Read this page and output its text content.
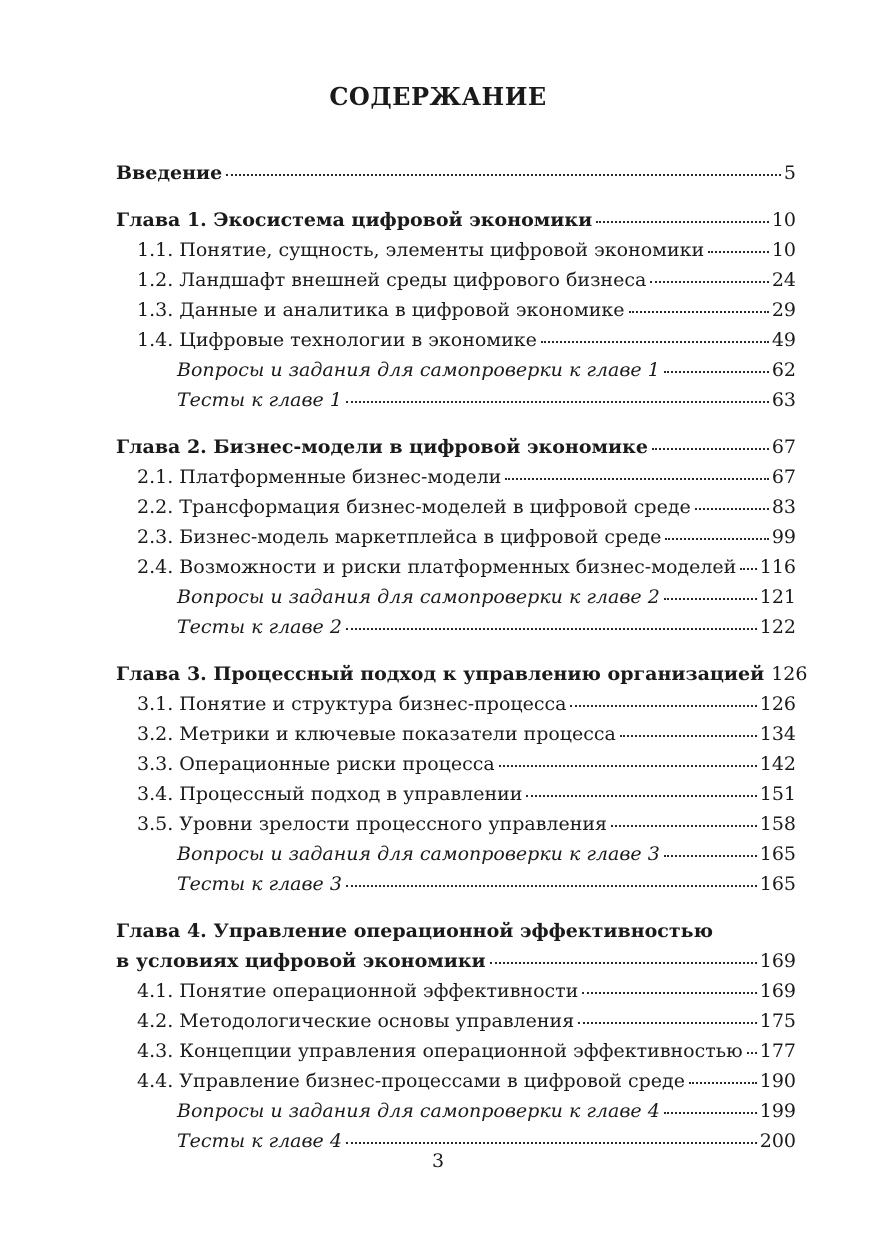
СОДЕРЖАНИЕ
Введение	5
Глава 1. Экосистема цифровой экономики	10
1.1. Понятие, сущность, элементы цифровой экономики	10
1.2. Ландшафт внешней среды цифрового бизнеса	24
1.3. Данные и аналитика в цифровой экономике	29
1.4. Цифровые технологии в экономике	49
Вопросы и задания для самопроверки к главе 1	62
Тесты к главе 1	63
Глава 2. Бизнес-модели в цифровой экономике	67
2.1. Платформенные бизнес-модели	67
2.2. Трансформация бизнес-моделей в цифровой среде	83
2.3. Бизнес-модель маркетплейса в цифровой среде	99
2.4. Возможности и риски платформенных бизнес-моделей 116
Вопросы и задания для самопроверки к главе 2	121
Тесты к главе 2	122
Глава 3. Процессный подход к управлению организацией 126
3.1. Понятие и структура бизнес-процесса	126
3.2. Метрики и ключевые показатели процесса	134
3.3. Операционные риски процесса	142
3.4. Процессный подход в управлении	151
3.5. Уровни зрелости процессного управления	158
Вопросы и задания для самопроверки к главе 3	165
Тесты к главе 3	165
Глава 4. Управление операционной эффективностью
в условиях цифровой экономики	169
4.1. Понятие операционной эффективности	169
4.2. Методологические основы управления	175
4.3. Концепции управления операционной эффективностью 177
4.4. Управление бизнес-процессами в цифровой среде	190
Вопросы и задания для самопроверки к главе 4	199
Тесты к главе 4	200
3
